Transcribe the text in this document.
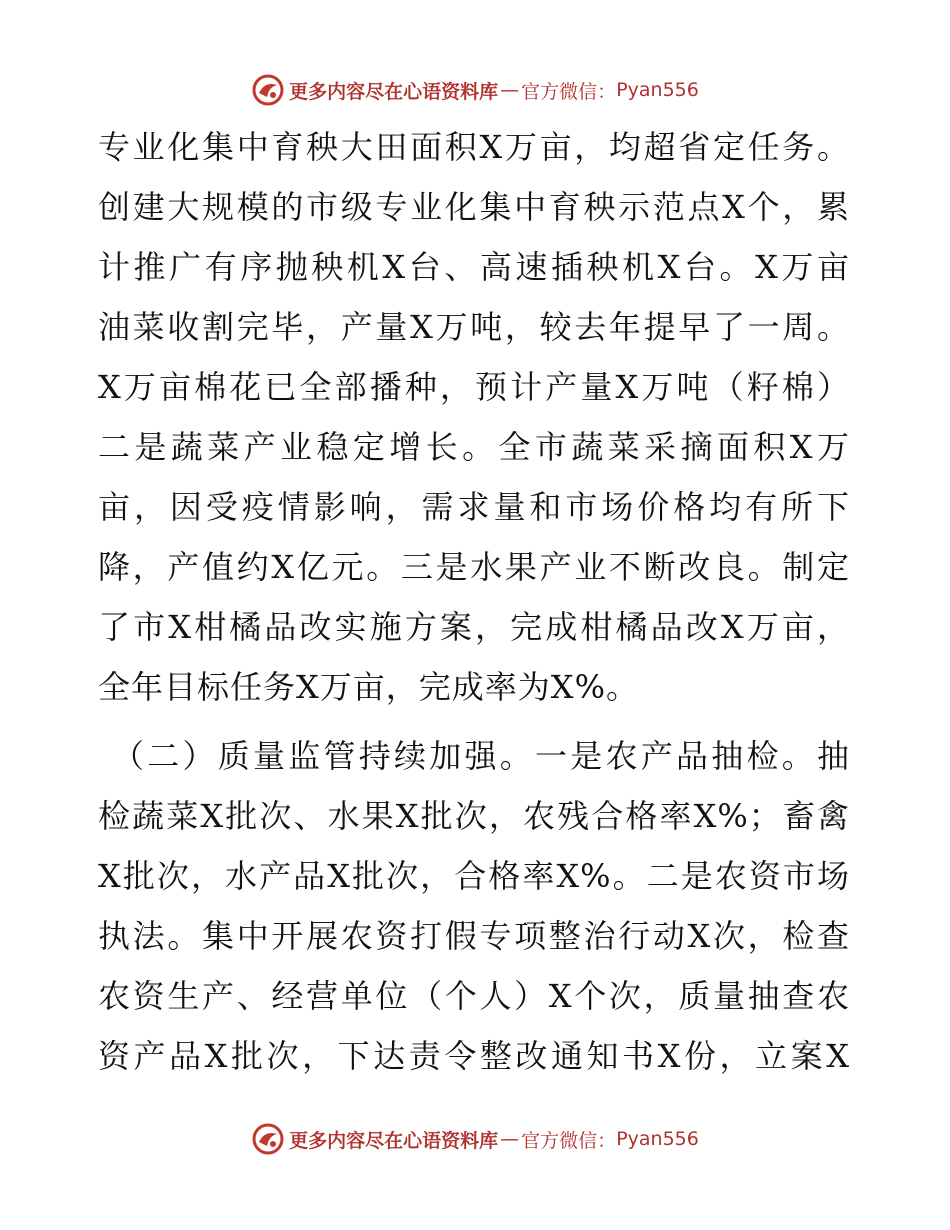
更多内容尽在心语资料库 — 官方微信： Pyan556
专业化集中育秧大田面积X万亩，均超省定任务。
创建大规模的市级专业化集中育秧示范点X个，累
计推广有序抛秧机X台、高速插秧机X台。X万亩
油菜收割完毕，产量X万吨，较去年提早了一周。
X万亩棉花已全部播种，预计产量X万吨（籽棉）
二是蔬菜产业稳定增长。全市蔬菜采摘面积X万
亩，因受疫情影响，需求量和市场价格均有所下
降，产值约X亿元。三是水果产业不断改良。制定
了市X柑橘品改实施方案，完成柑橘品改X万亩，
全年目标任务X万亩，完成率为X%。
（二）质量监管持续加强。一是农产品抽检。抽
检蔬菜X批次、水果X批次，农残合格率X%；畜禽
X批次，水产品X批次，合格率X%。二是农资市场
执法。集中开展农资打假专项整治行动X次，检查
农资生产、经营单位（个人）X个次，质量抽查农
资产品X批次，下达责令整改通知书X份，立案X
更多内容尽在心语资料库 — 官方微信： Pyan556
